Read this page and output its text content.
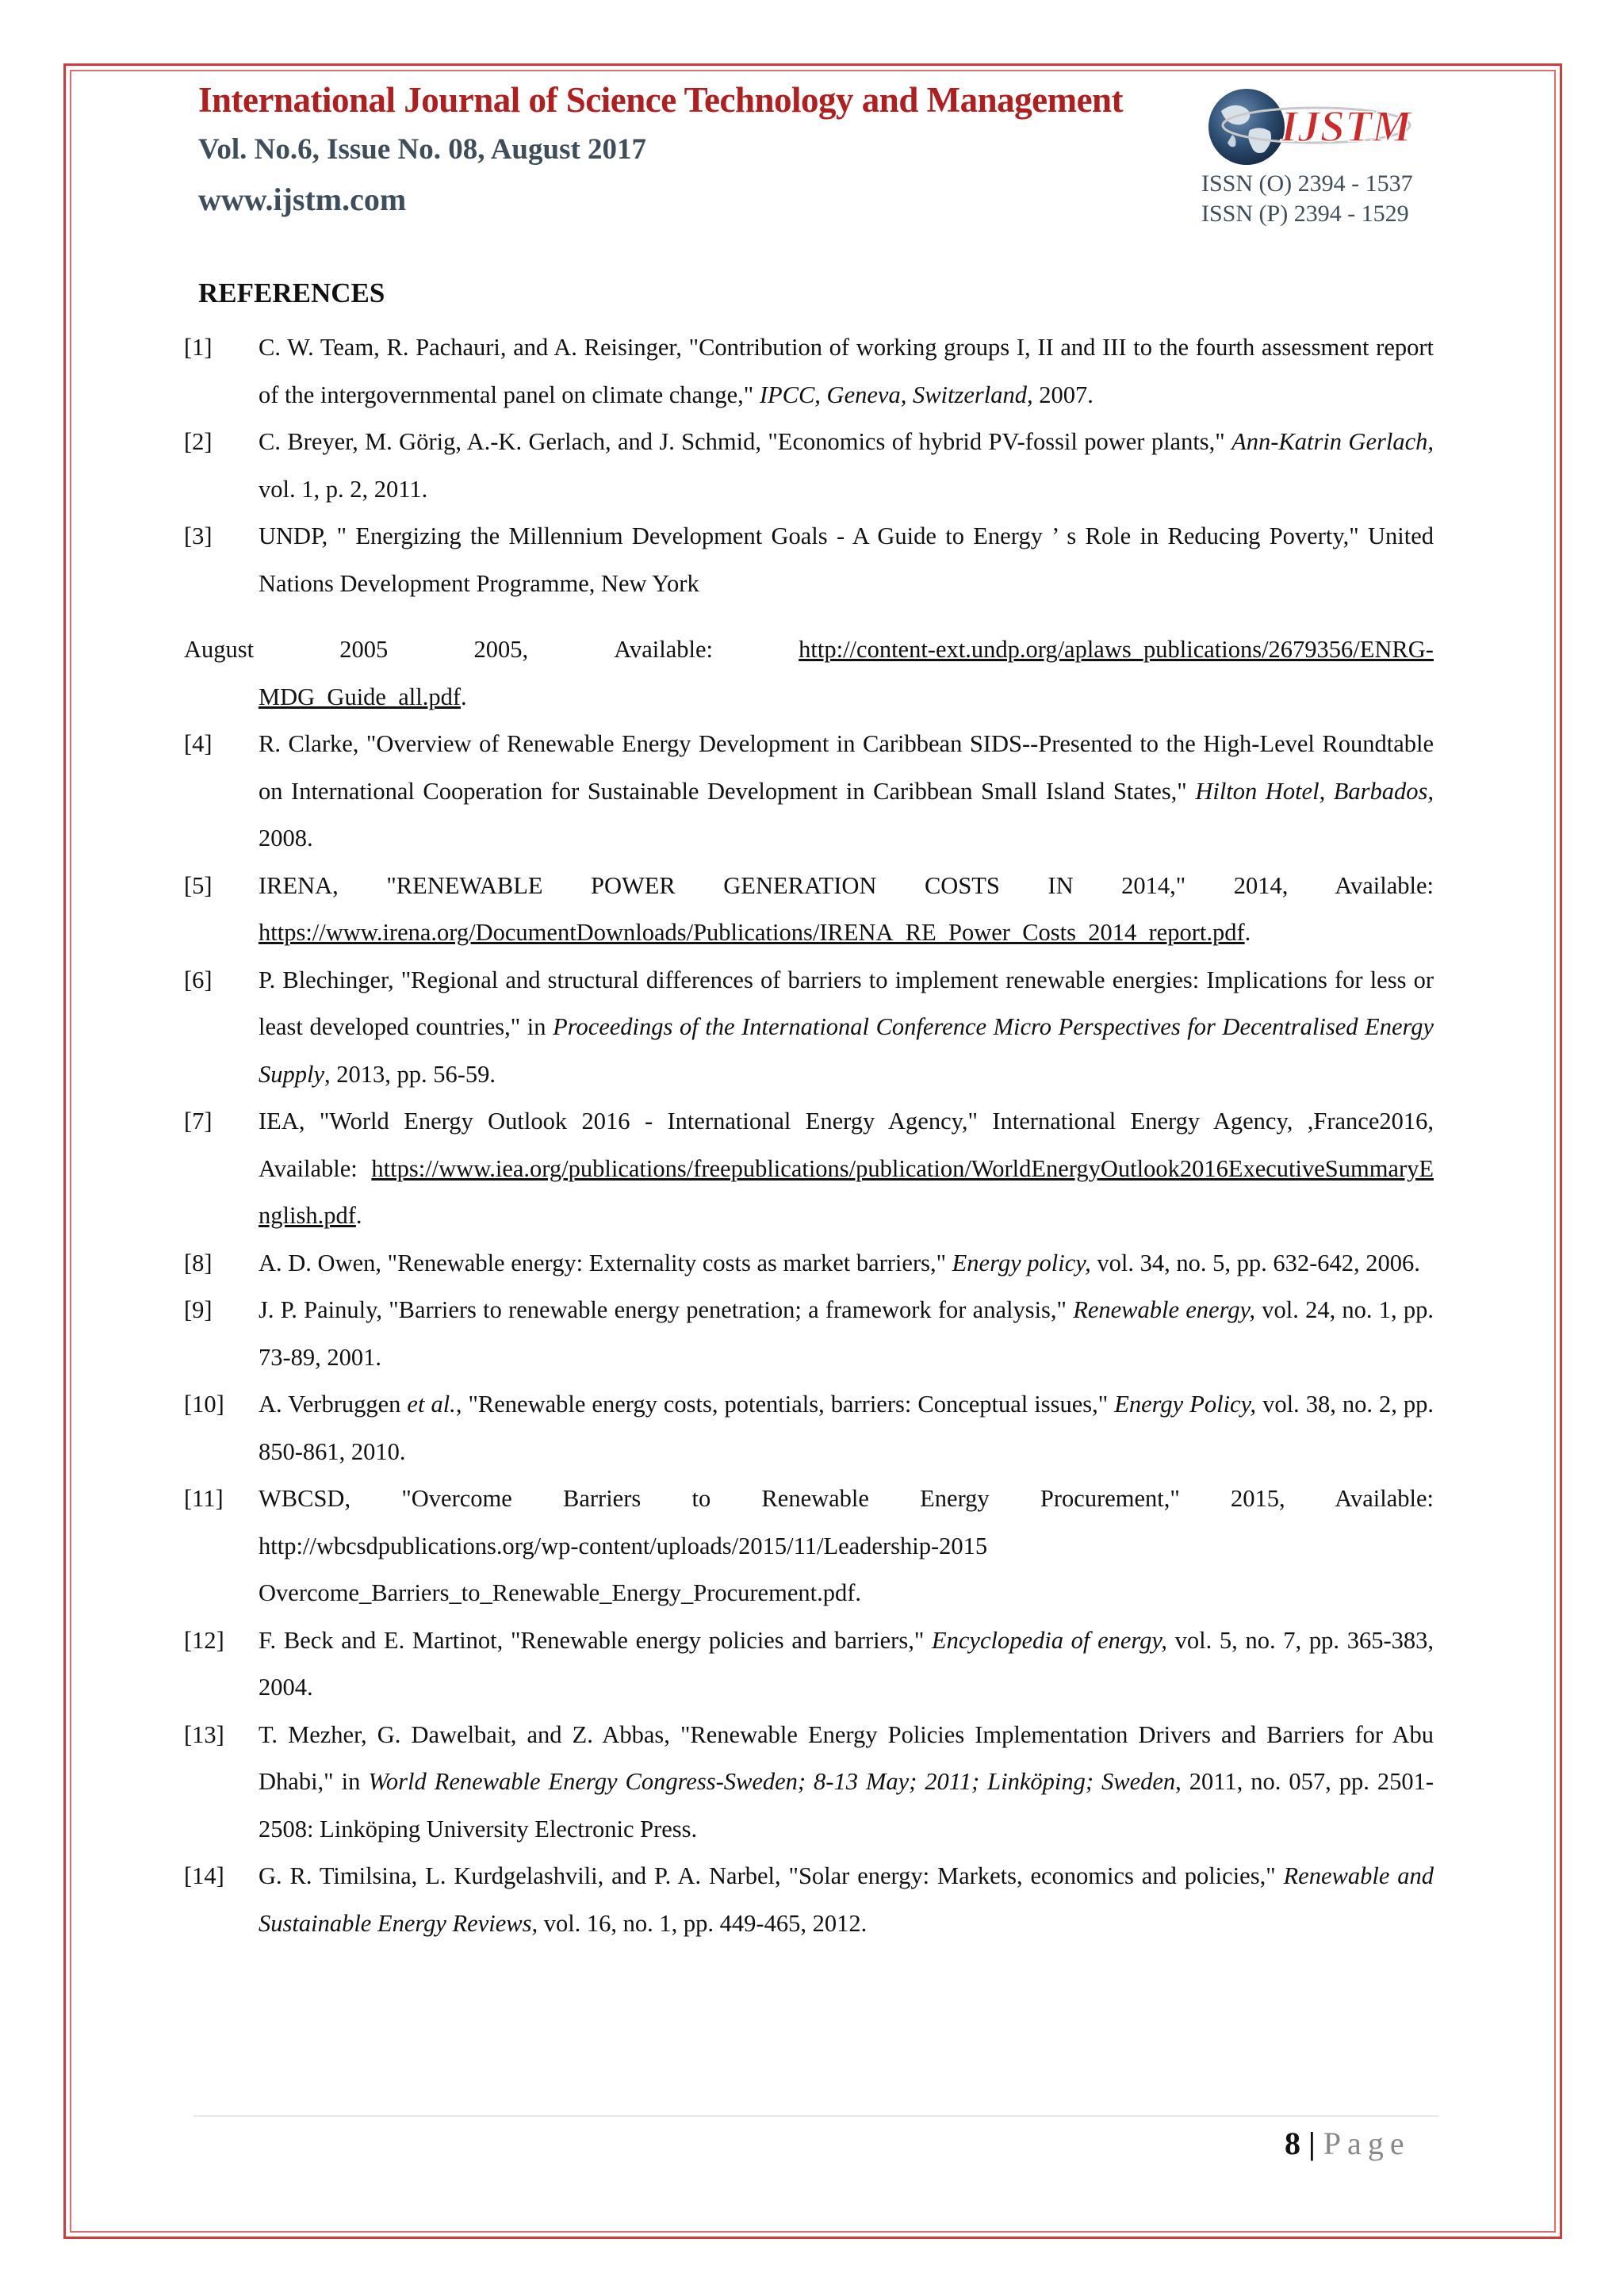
International Journal of Science Technology and Management
Vol. No.6, Issue No. 08, August 2017
www.ijstm.com
IJSTM
ISSN (O) 2394 - 1537
ISSN (P) 2394 - 1529
REFERENCES
[1] C. W. Team, R. Pachauri, and A. Reisinger, "Contribution of working groups I, II and III to the fourth assessment report of the intergovernmental panel on climate change," IPCC, Geneva, Switzerland, 2007.
[2] C. Breyer, M. Görig, A.-K. Gerlach, and J. Schmid, "Economics of hybrid PV-fossil power plants," Ann-Katrin Gerlach, vol. 1, p. 2, 2011.
[3] UNDP, " Energizing the Millennium Development Goals - A Guide to Energy ’ s Role in Reducing Poverty," United Nations Development Programme, New York
August	2005	2005,	Available:	http://content-ext.undp.org/aplaws_publications/2679356/ENRG-
MDG_Guide_all.pdf.
[4] R. Clarke, "Overview of Renewable Energy Development in Caribbean SIDS--Presented to the High-Level Roundtable on International Cooperation for Sustainable Development in Caribbean Small Island States," Hilton Hotel, Barbados, 2008.
[5] IRENA, "RENEWABLE POWER GENERATION COSTS IN 2014," 2014, Available: https://www.irena.org/DocumentDownloads/Publications/IRENA_RE_Power_Costs_2014_report.pdf.
[6] P. Blechinger, "Regional and structural differences of barriers to implement renewable energies: Implications for less or least developed countries," in Proceedings of the International Conference Micro Perspectives for Decentralised Energy Supply, 2013, pp. 56-59.
[7] IEA, "World Energy Outlook 2016 - International Energy Agency," International Energy Agency, ,France2016, Available: https://www.iea.org/publications/freepublications/publication/WorldEnergyOutlook2016ExecutiveSummaryEnglish.pdf.
[8] A. D. Owen, "Renewable energy: Externality costs as market barriers," Energy policy, vol. 34, no. 5, pp. 632-642, 2006.
[9] J. P. Painuly, "Barriers to renewable energy penetration; a framework for analysis," Renewable energy, vol. 24, no. 1, pp. 73-89, 2001.
[10] A. Verbruggen et al., "Renewable energy costs, potentials, barriers: Conceptual issues," Energy Policy, vol. 38, no. 2, pp. 850-861, 2010.
[11] WBCSD, "Overcome Barriers to Renewable Energy Procurement," 2015, Available:
http://wbcsdpublications.org/wp-content/uploads/2015/11/Leadership-2015
Overcome_Barriers_to_Renewable_Energy_Procurement.pdf.
[12] F. Beck and E. Martinot, "Renewable energy policies and barriers," Encyclopedia of energy, vol. 5, no. 7, pp. 365-383, 2004.
[13] T. Mezher, G. Dawelbait, and Z. Abbas, "Renewable Energy Policies Implementation Drivers and Barriers for Abu Dhabi," in World Renewable Energy Congress-Sweden; 8-13 May; 2011; Linköping; Sweden, 2011, no. 057, pp. 2501-2508: Linköping University Electronic Press.
[14] G. R. Timilsina, L. Kurdgelashvili, and P. A. Narbel, "Solar energy: Markets, economics and policies," Renewable and Sustainable Energy Reviews, vol. 16, no. 1, pp. 449-465, 2012.
8 | Page
